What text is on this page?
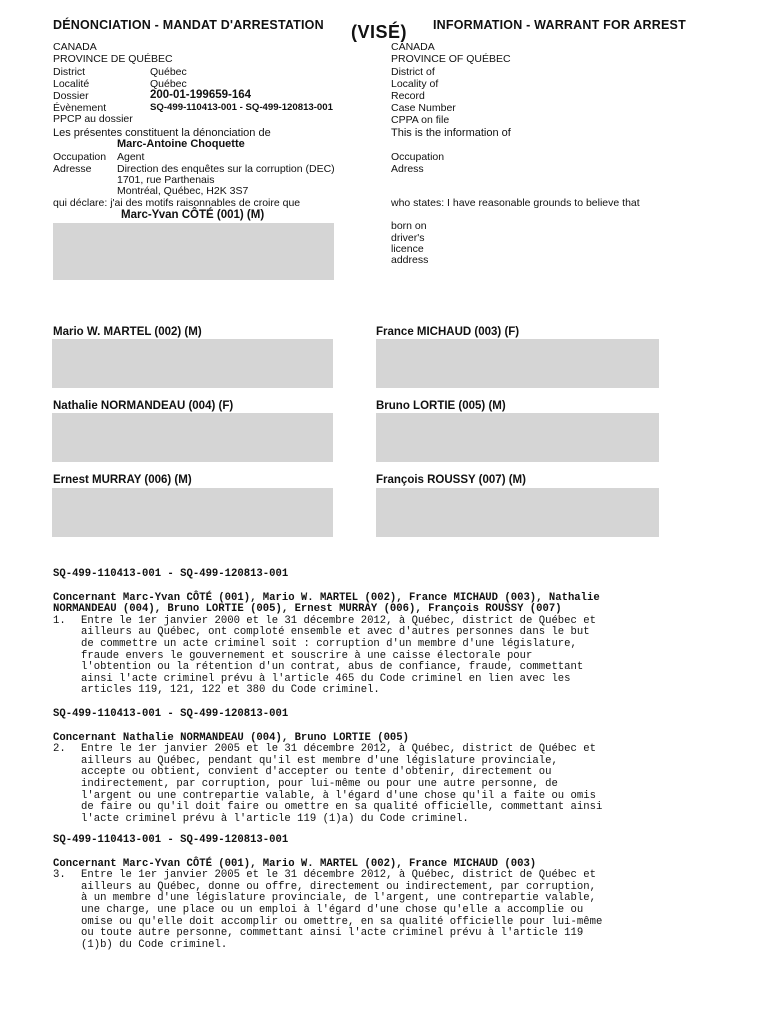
DÉNONCIATION - MANDAT D'ARRESTATION (VISÉ) INFORMATION - WARRANT FOR ARREST
CANADA
PROVINCE DE QUÉBEC
District	Québec
Localité	Québec
Dossier	200-01-199659-164
Évènement	SQ-499-110413-001 - SQ-499-120813-001
PPCP au dossier
Les présentes constituent la dénonciation de
Marc-Antoine Choquette
Occupation Agent
Adresse Direction des enquêtes sur la corruption (DEC)
1701, rue Parthenais
Montréal, Québec, H2K 3S7
qui déclare: j'ai des motifs raisonnables de croire que
Marc-Yvan CÔTÉ (001) (M)
CANADA
PROVINCE OF QUÉBEC
District of
Locality of
Record
Case Number
CPPA on file
This is the information of
Occupation
Adress
who states: I have reasonable grounds to believe that
born on
driver's
licence
address
Mario W. MARTEL (002) (M)	France MICHAUD (003) (F)
Nathalie NORMANDEAU (004) (F)	Bruno LORTIE (005) (M)
Ernest MURRAY (006) (M)	François ROUSSY (007) (M)
SQ-499-110413-001 - SQ-499-120813-001
Concernant Marc-Yvan CÔTÉ (001), Mario W. MARTEL (002), France MICHAUD (003), Nathalie
NORMANDEAU (004), Bruno LORTIE (005), Ernest MURRAY (006), François ROUSSY (007)
1. Entre le 1er janvier 2000 et le 31 décembre 2012, à Québec, district de Québec et
ailleurs au Québec, ont comploté ensemble et avec d'autres personnes dans le but
de commettre un acte criminel soit : corruption d'un membre d'une législature,
fraude envers le gouvernement et souscrire à une caisse électorale pour
l'obtention ou la rétention d'un contrat, abus de confiance, fraude, commettant
ainsi l'acte criminel prévu à l'article 465 du Code criminel en lien avec les
articles 119, 121, 122 et 380 du Code criminel.
SQ-499-110413-001 - SQ-499-120813-001
Concernant Nathalie NORMANDEAU (004), Bruno LORTIE (005)
2. Entre le 1er janvier 2005 et le 31 décembre 2012, à Québec, district de Québec et
ailleurs au Québec, pendant qu'il est membre d'une législature provinciale,
accepte ou obtient, convient d'accepter ou tente d'obtenir, directement ou
indirectement, par corruption, pour lui-même ou pour une autre personne, de
l'argent ou une contrepartie valable, à l'égard d'une chose qu'il a faite ou omis
de faire ou qu'il doit faire ou omettre en sa qualité officielle, commettant ainsi
l'acte criminel prévu à l'article 119 (1)a) du Code criminel.
SQ-499-110413-001 - SQ-499-120813-001
Concernant Marc-Yvan CÔTÉ (001), Mario W. MARTEL (002), France MICHAUD (003)
3. Entre le 1er janvier 2005 et le 31 décembre 2012, à Québec, district de Québec et
ailleurs au Québec, donne ou offre, directement ou indirectement, par corruption,
à un membre d'une législature provinciale, de l'argent, une contrepartie valable,
une charge, une place ou un emploi à l'égard d'une chose qu'elle a accomplie ou
omise ou qu'elle doit accomplir ou omettre, en sa qualité officielle pour lui-même
ou toute autre personne, commettant ainsi l'acte criminel prévu à l'article 119
(1)b) du Code criminel.
